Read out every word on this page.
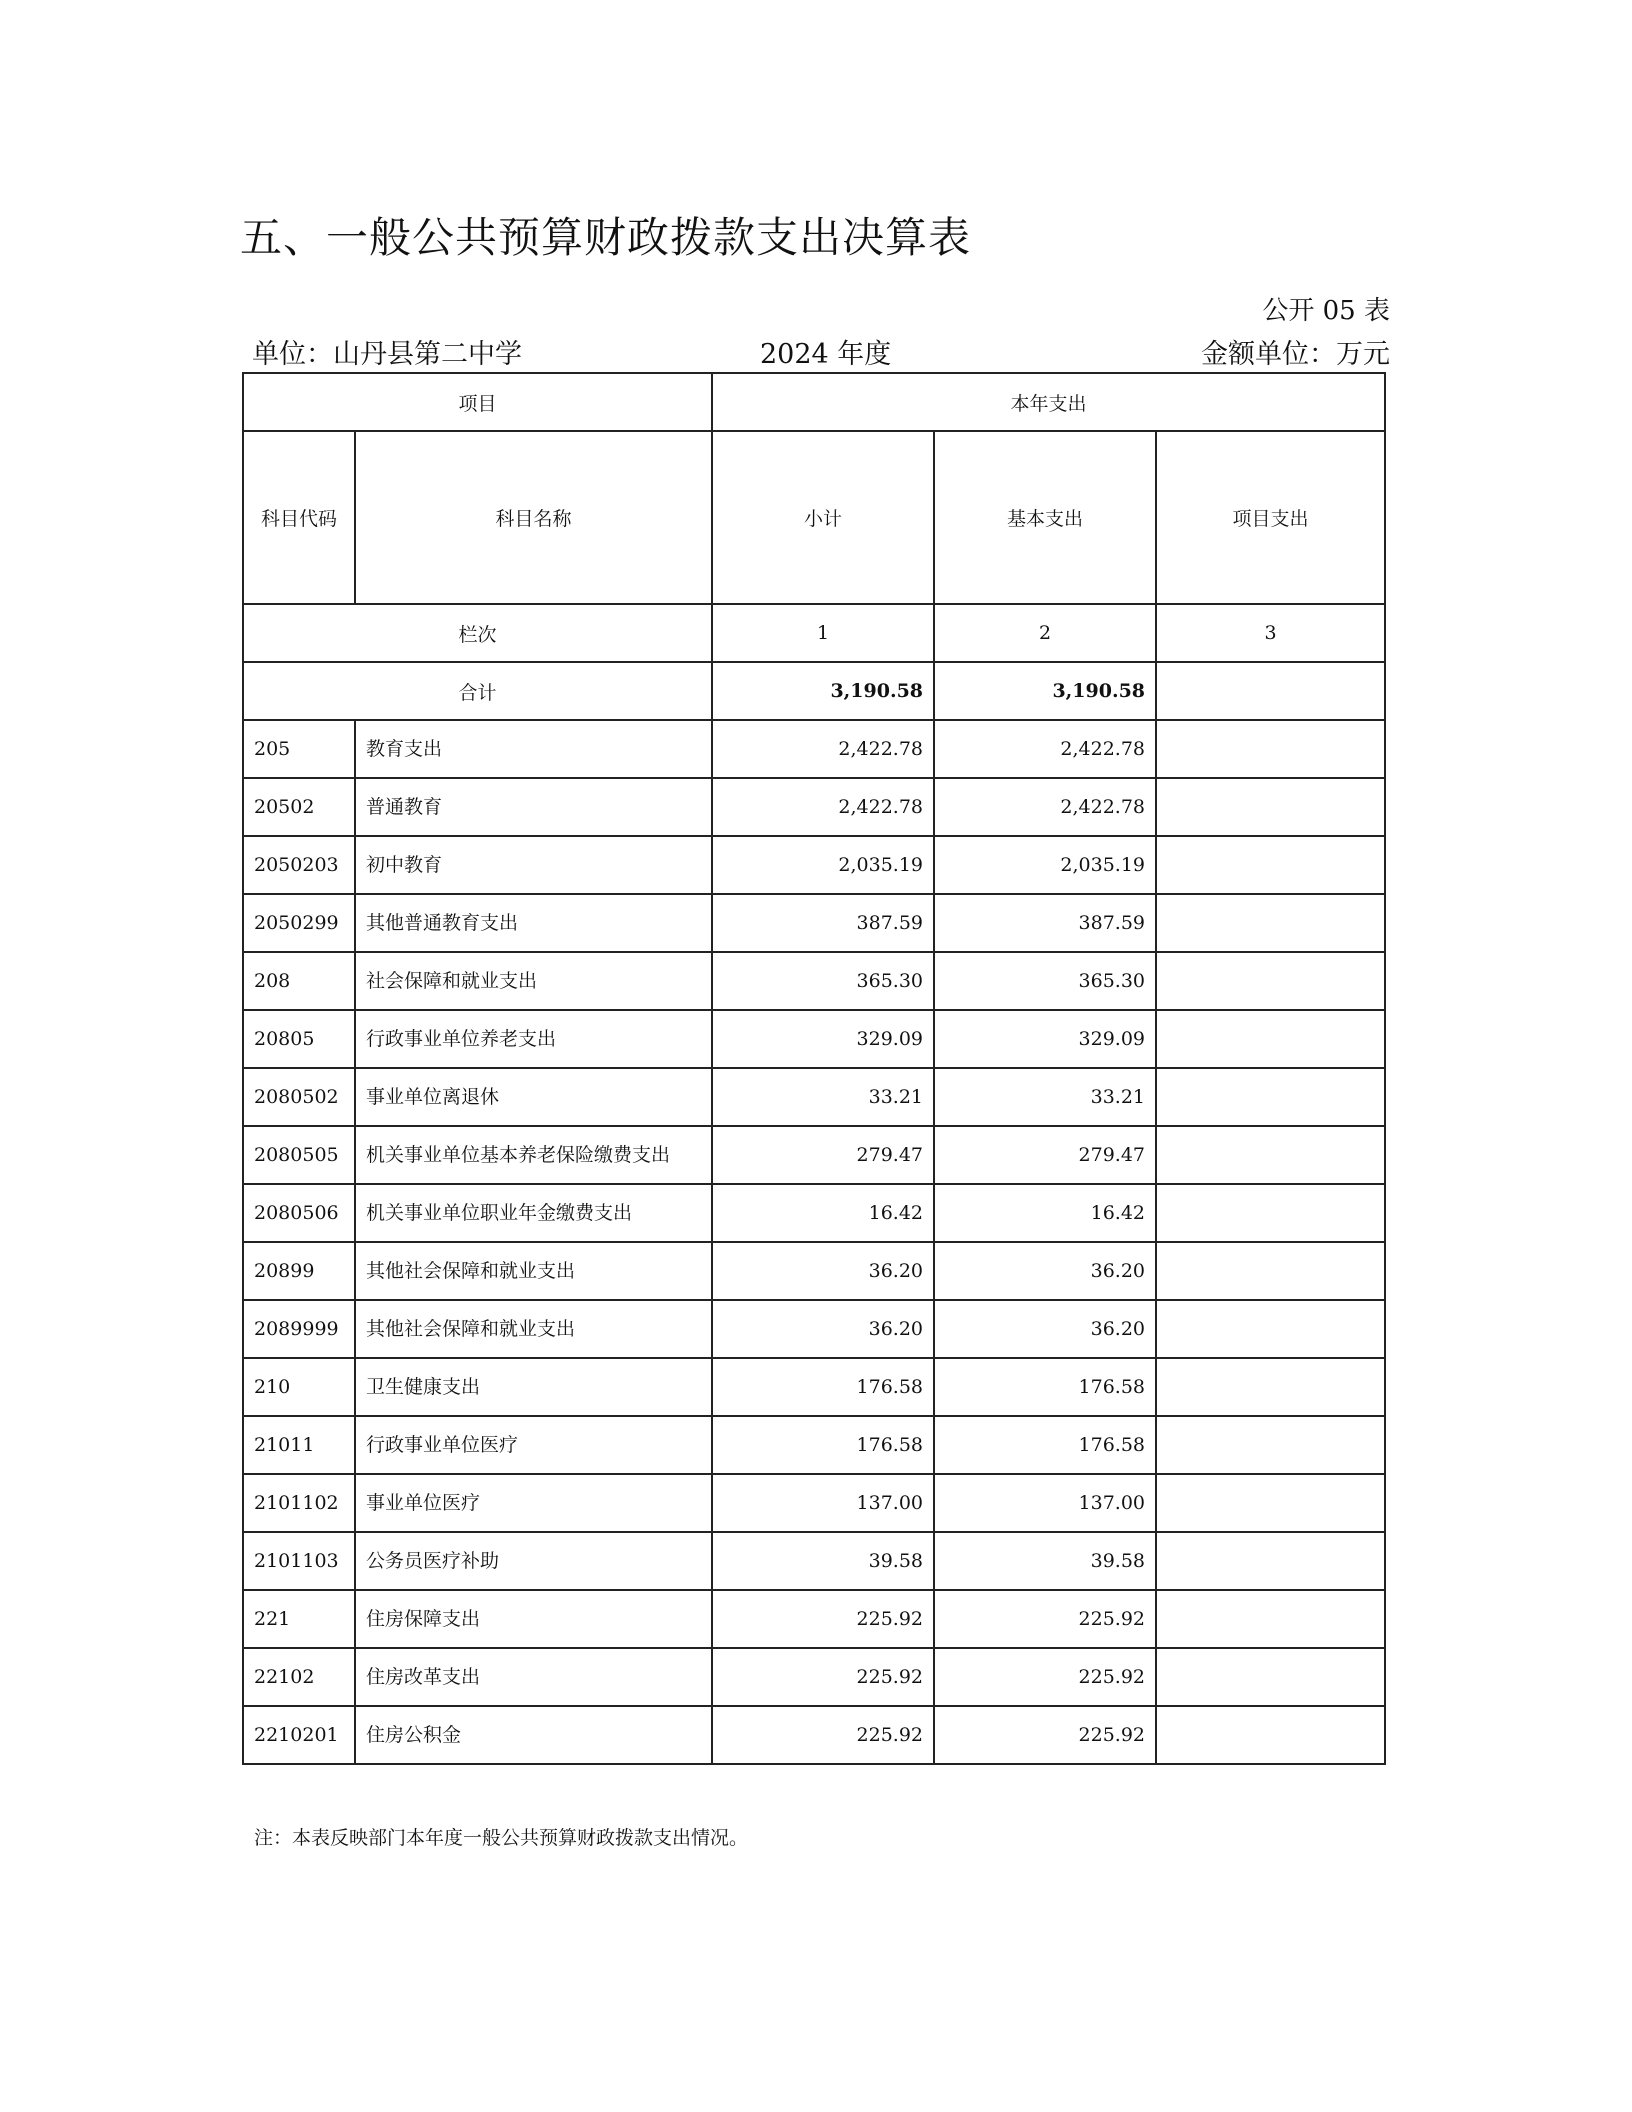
五、一般公共预算财政拨款支出决算表
公开 05 表
单位：山丹县第二中学	2024 年度	金额单位：万元
项目		本年支出		
科目代码	科目名称	小计	基本支出	项目支出
栏次		1	2	3
合计		3,190.58	3,190.58	
205	教育支出	2,422.78	2,422.78	
20502	普通教育	2,422.78	2,422.78	
2050203	初中教育	2,035.19	2,035.19	
2050299	其他普通教育支出	387.59	387.59	
208	社会保障和就业支出	365.30	365.30	
20805	行政事业单位养老支出	329.09	329.09	
2080502	事业单位离退休	33.21	33.21	
2080505	机关事业单位基本养老保险缴费支出	279.47	279.47	
2080506	机关事业单位职业年金缴费支出	16.42	16.42	
20899	其他社会保障和就业支出	36.20	36.20	
2089999	其他社会保障和就业支出	36.20	36.20	
210	卫生健康支出	176.58	176.58	
21011	行政事业单位医疗	176.58	176.58	
2101102	事业单位医疗	137.00	137.00	
2101103	公务员医疗补助	39.58	39.58	
221	住房保障支出	225.92	225.92	
22102	住房改革支出	225.92	225.92	
2210201	住房公积金	225.92	225.92	
注：本表反映部门本年度一般公共预算财政拨款支出情况。
